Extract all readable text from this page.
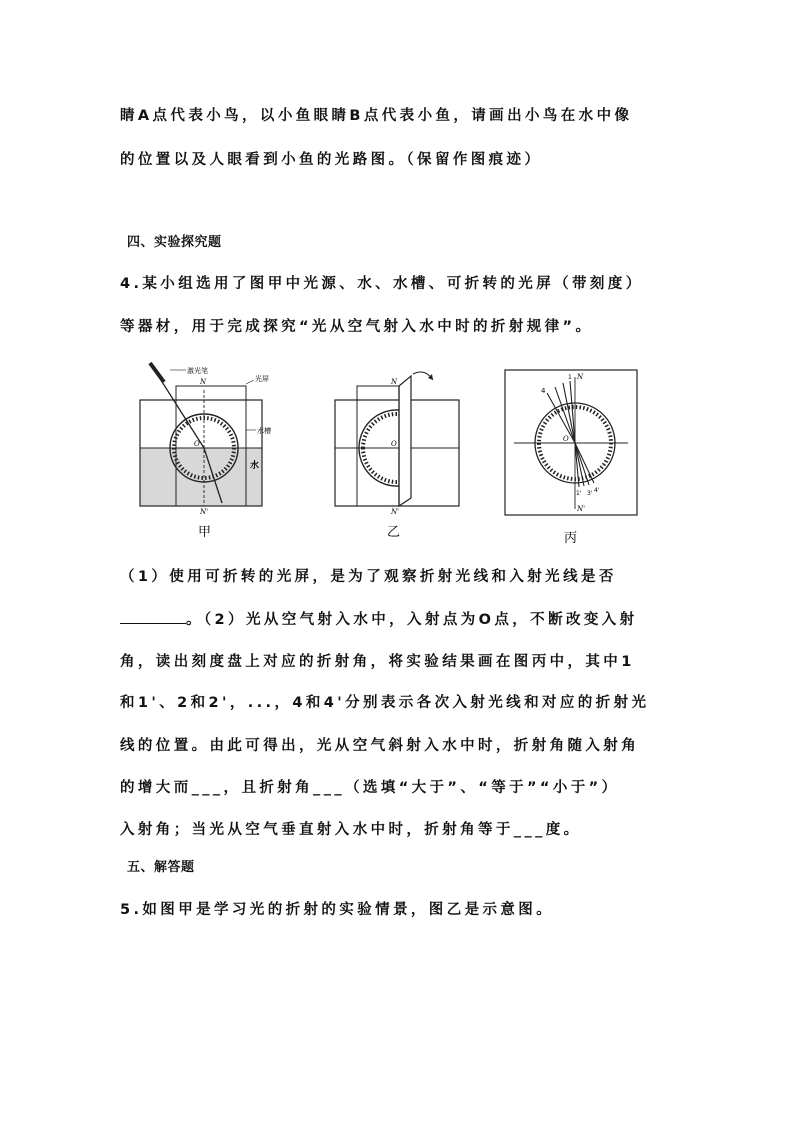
睛A点代表小鸟，以小鱼眼睛B点代表小鱼，请画出小鸟在水中像
的位置以及人眼看到小鱼的光路图。（保留作图痕迹）
四、实验探究题
4.某小组选用了图甲中光源、水、水槽、可折转的光屏（带刻度）
等器材，用于完成探究“光从空气射入水中时的折射规律”。
激光笔
光屏
水槽
水
N
O
N'
甲
N
O
N'
乙
N
O
N'
4
1
1' 3' 4'
丙
（1）使用可折转的光屏，是为了观察折射光线和入射光线是否
。（2）光从空气射入水中，入射点为O点，不断改变入射
角，读出刻度盘上对应的折射角，将实验结果画在图丙中，其中1
和1'、2和2'，...，4和4'分别表示各次入射光线和对应的折射光
线的位置。由此可得出，光从空气斜射入水中时，折射角随入射角
的增大而___，且折射角___（选填“大于”、“等于”“小于”）
入射角；当光从空气垂直射入水中时，折射角等于___度。
五、解答题
5.如图甲是学习光的折射的实验情景，图乙是示意图。
